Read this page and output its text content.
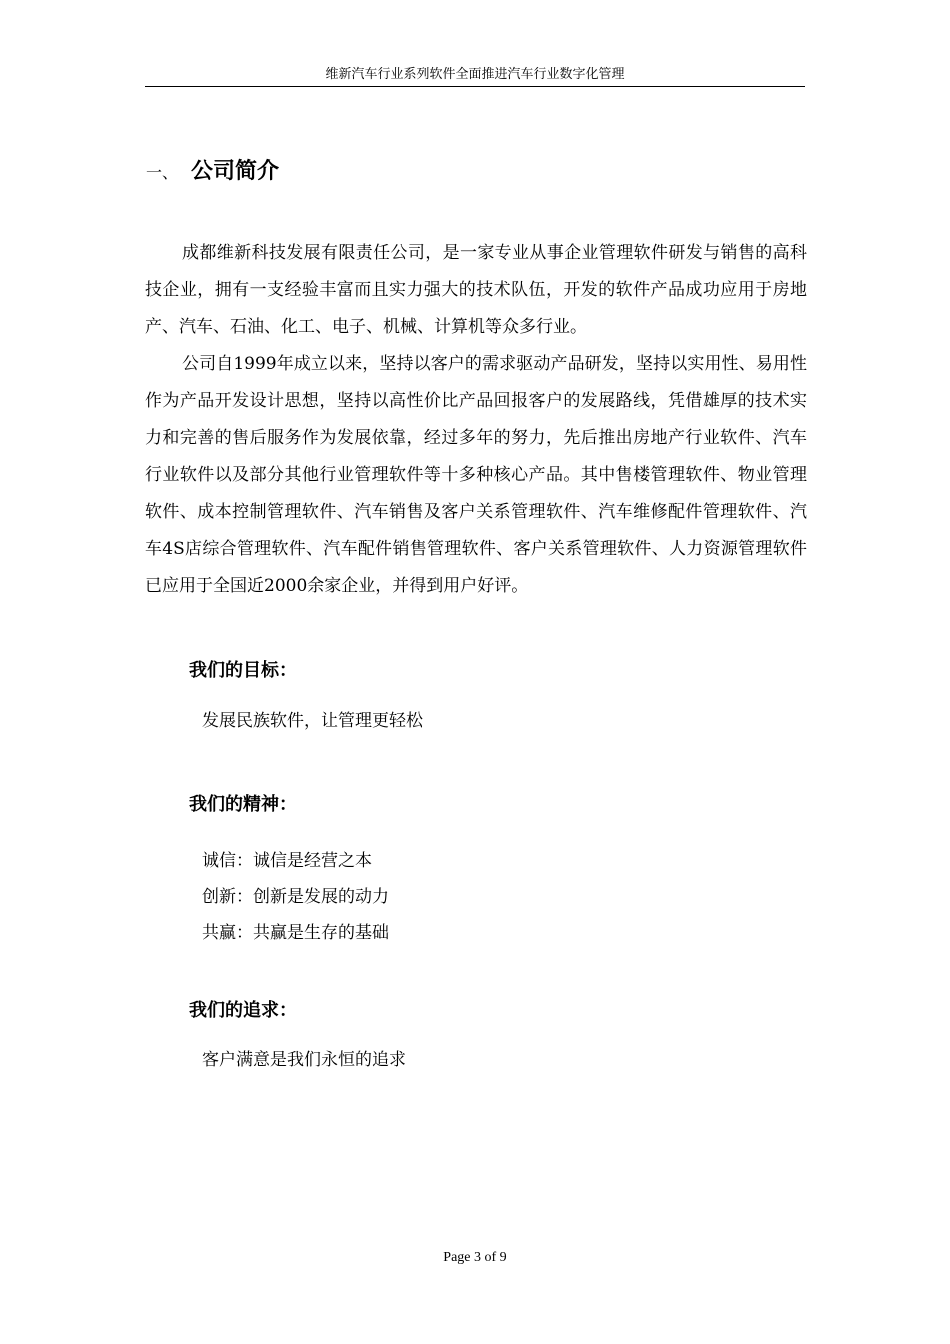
维新汽车行业系列软件全面推进汽车行业数字化管理
一、 公司简介

成都维新科技发展有限责任公司，是一家专业从事企业管理软件研发与销售的高科技企业，拥有一支经验丰富而且实力强大的技术队伍，开发的软件产品成功应用于房地产、汽车、石油、化工、电子、机械、计算机等众多行业。

公司自1999年成立以来，坚持以客户的需求驱动产品研发，坚持以实用性、易用性作为产品开发设计思想，坚持以高性价比产品回报客户的发展路线，凭借雄厚的技术实力和完善的售后服务作为发展依靠，经过多年的努力，先后推出房地产行业软件、汽车行业软件以及部分其他行业管理软件等十多种核心产品。其中售楼管理软件、物业管理软件、成本控制管理软件、汽车销售及客户关系管理软件、汽车维修配件管理软件、汽车4S店综合管理软件、汽车配件销售管理软件、客户关系管理软件、人力资源管理软件已应用于全国近2000余家企业，并得到用户好评。

我们的目标：
发展民族软件，让管理更轻松
我们的精神：
诚信：诚信是经营之本
创新：创新是发展的动力
共赢：共赢是生存的基础
我们的追求：
客户满意是我们永恒的追求
Page 3 of 9
